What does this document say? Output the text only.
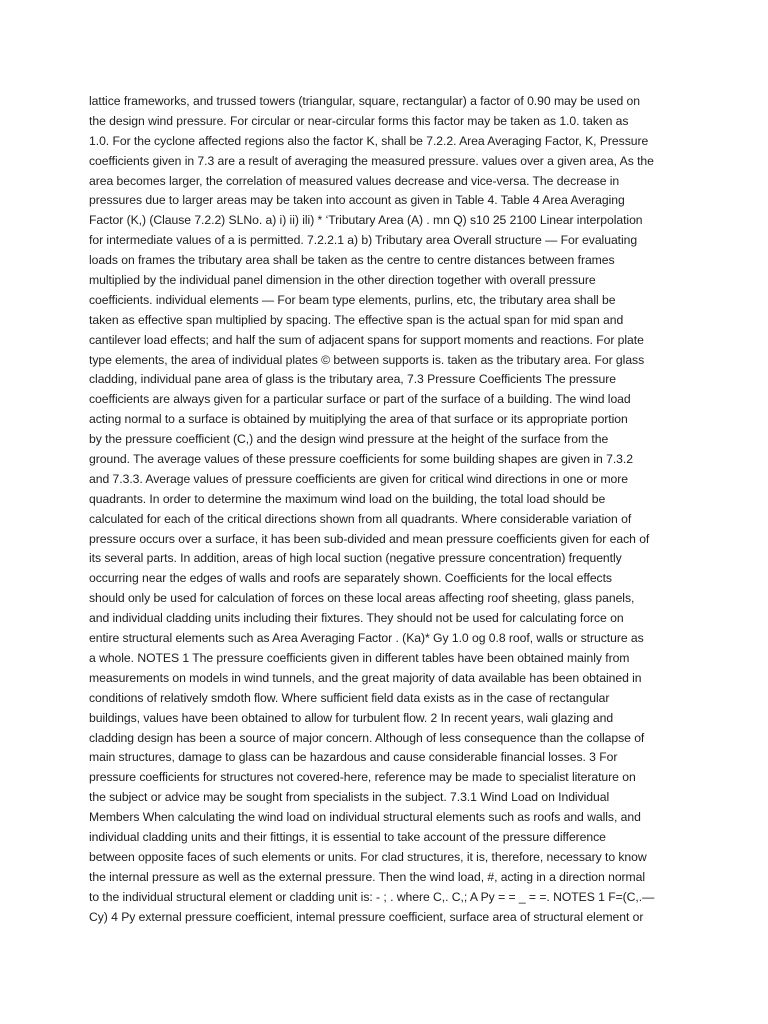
lattice frameworks, and trussed towers (triangular, square, rectangular) a factor of 0.90 may be used on
the design wind pressure. For circular or near-circular forms this factor may be taken as 1.0. taken as
1.0. For the cyclone affected regions also the factor K, shall be 7.2.2. Area Averaging Factor, K, Pressure
coefficients given in 7.3 are a result of averaging the measured pressure. values over a given area, As the
area becomes larger, the correlation of measured values decrease and vice-versa. The decrease in
pressures due to larger areas may be taken into account as given in Table 4. Table 4 Area Averaging
Factor (K,) (Clause 7.2.2) SLNo. a) i) ii) ili) * ‘Tributary Area (A) . mn Q) s10 25 2100 Linear interpolation
for intermediate values of a is permitted. 7.2.2.1 a) b) Tributary area Overall structure — For evaluating
loads on frames the tributary area shall be taken as the centre to centre distances between frames
multiplied by the individual panel dimension in the other direction together with overall pressure
coefficients. individual elements — For beam type elements, purlins, etc, the tributary area shall be
taken as effective span multiplied by spacing. The effective span is the actual span for mid span and
cantilever load effects; and half the sum of adjacent spans for support moments and reactions. For plate
type elements, the area of individual plates © between supports is. taken as the tributary area. For glass
cladding, individual pane area of glass is the tributary area, 7.3 Pressure Coefficients The pressure
coefficients are always given for a particular surface or part of the surface of a building. The wind load
acting normal to a surface is obtained by muitiplying the area of that surface or its appropriate portion
by the pressure coefficient (C,) and the design wind pressure at the height of the surface from the
ground. The average values of these pressure coefficients for some building shapes are given in 7.3.2
and 7.3.3. Average values of pressure coefficients are given for critical wind directions in one or more
quadrants. In order to determine the maximum wind load on the building, the total load should be
calculated for each of the critical directions shown from all quadrants. Where considerable variation of
pressure occurs over a surface, it has been sub-divided and mean pressure coefficients given for each of
its several parts. In addition, areas of high local suction (negative pressure concentration) frequently
occurring near the edges of walls and roofs are separately shown. Coefficients for the local effects
should only be used for calculation of forces on these local areas affecting roof sheeting, glass panels,
and individual cladding units including their fixtures. They should not be used for calculating force on
entire structural elements such as Area Averaging Factor . (Ka)* Gy 1.0 og 0.8 roof, walls or structure as
a whole. NOTES 1 The pressure coefficients given in different tables have been obtained mainly from
measurements on models in wind tunnels, and the great majority of data available has been obtained in
conditions of relatively smdoth flow. Where sufficient field data exists as in the case of rectangular
buildings, values have been obtained to allow for turbulent flow. 2 In recent years, wali glazing and
cladding design has been a source of major concern. Although of less consequence than the collapse of
main structures, damage to glass can be hazardous and cause considerable financial losses. 3 For
pressure coefficients for structures not covered-here, reference may be made to specialist literature on
the subject or advice may be sought from specialists in the subject. 7.3.1 Wind Load on Individual
Members When calculating the wind load on individual structural elements such as roofs and walls, and
individual cladding units and their fittings, it is essential to take account of the pressure difference
between opposite faces of such elements or units. For clad structures, it is, therefore, necessary to know
the internal pressure as well as the external pressure. Then the wind load, #, acting in a direction normal
to the individual structural element or cladding unit is: - ; . where C,. C,; A Py = = _ = =. NOTES 1 F=(C,.—
Cy) 4 Py external pressure coefficient, intemal pressure coefficient, surface area of structural element or
